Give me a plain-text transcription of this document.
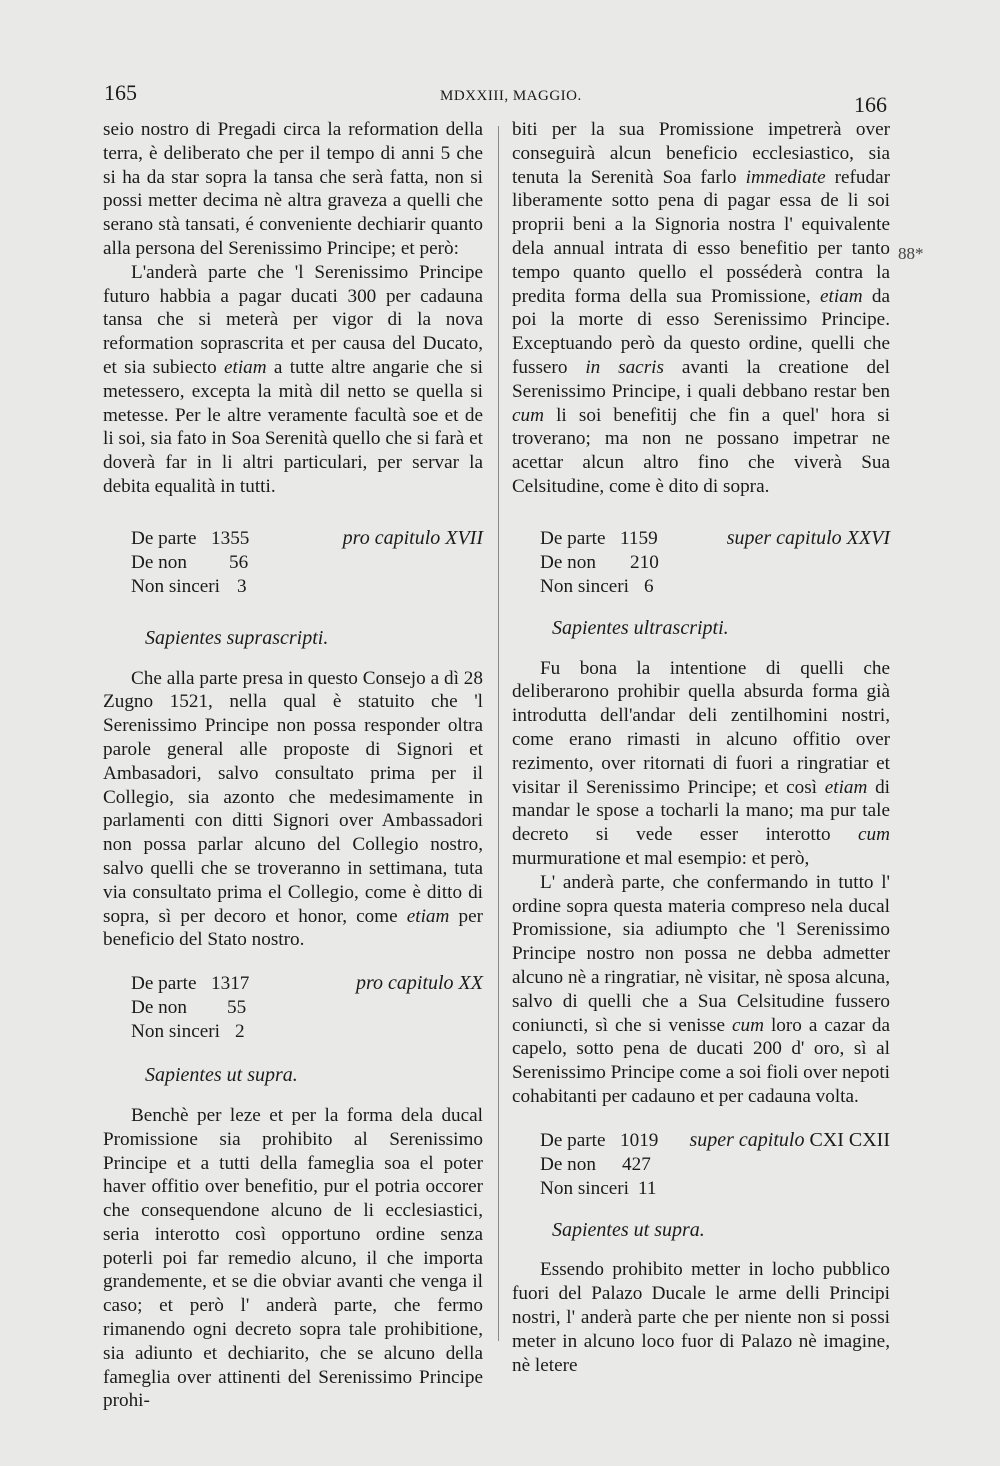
165	MDXXIII, MAGGIO.	166
88*

seio nostro di Pregadi circa la reformation della terra, è deliberato che per il tempo di anni 5 che si ha da star sopra la tansa che serà fatta, non si possi metter decima nè altra graveza a quelli che serano stà tansati, é conveniente dechiarir quanto alla persona del Serenissimo Principe; et però:

L'anderà parte che 'l Serenissimo Principe futuro habbia a pagar ducati 300 per cadauna tansa che si meterà per vigor di la nova reformation soprascrita et per causa del Ducato, et sia subiecto etiam a tutte altre angarie che si metessero, excepta la mità dil netto se quella si metesse. Per le altre veramente facultà soe et de li soi, sia fato in Soa Serenità quello che si farà et doverà far in li altri particulari, per servar la debita equalità in tutti.

De parte 1355	pro capitulo XVII
De non 56
Non sinceri 3
Sapientes suprascripti.

Che alla parte presa in questo Consejo a dì 28 Zugno 1521, nella qual è statuito che 'l Serenissimo Principe non possa responder oltra parole general alle proposte di Signori et Ambasadori, salvo consultato prima per il Collegio, sia azonto che medesimamente in parlamenti con ditti Signori over Ambassadori non possa parlar alcuno del Collegio nostro, salvo quelli che se troveranno in settimana, tuta via consultato prima el Collegio, come è ditto di sopra, sì per decoro et honor, come etiam per beneficio del Stato nostro.

De parte 1317	pro capitulo XX
De non 55
Non sinceri 2
Sapientes ut supra.

Benchè per leze et per la forma dela ducal Promissione sia prohibito al Serenissimo Principe et a tutti della fameglia soa el poter haver offitio over benefitio, pur el potria occorer che consequendone alcuno de li ecclesiastici, seria interotto così opportuno ordine senza poterli poi far remedio alcuno, il che importa grandemente, et se die obviar avanti che venga il caso; et però l' anderà parte, che fermo rimanendo ogni decreto sopra tale prohibitione, sia adiunto et dechiarito, che se alcuno della fameglia over attinenti del Serenissimo Principe prohi-

biti per la sua Promissione impetrerà over conseguirà alcun beneficio ecclesiastico, sia tenuta la Serenità Soa farlo immediate refudar liberamente sotto pena di pagar essa de li soi proprii beni a la Signoria nostra l' equivalente dela annual intrata di esso benefitio per tanto tempo quanto quello el posséderà contra la predita forma della sua Promissione, etiam da poi la morte di esso Serenissimo Principe. Exceptuando però da questo ordine, quelli che fussero in sacris avanti la creatione del Serenissimo Principe, i quali debbano restar ben cum li soi benefitij che fin a quel' hora si troverano; ma non ne possano impetrar ne acettar alcun altro fino che viverà Sua Celsitudine, come è dito di sopra.

De parte 1159	super capitulo XXVI
De non 210
Non sinceri 6
Sapientes ultrascripti.

Fu bona la intentione di quelli che deliberarono prohibir quella absurda forma già introdutta dell'andar deli zentilhomini nostri, come erano rimasti in alcuno offitio over rezimento, over ritornati di fuori a ringratiar et visitar il Serenissimo Principe; et così etiam di mandar le spose a tocharli la mano; ma pur tale decreto si vede esser interotto cum murmuratione et mal esempio: et però,

L' anderà parte, che confermando in tutto l' ordine sopra questa materia compreso nela ducal Promissione, sia adiumpto che 'l Serenissimo Principe nostro non possa ne debba admetter alcuno nè a ringratiar, nè visitar, nè sposa alcuna, salvo di quelli che a Sua Celsitudine fussero coniuncti, sì che si venisse cum loro a cazar da capelo, sotto pena de ducati 200 d' oro, sì al Serenissimo Principe come a soi fioli over nepoti cohabitanti per cadauno et per cadauna volta.

De parte 1019 super capitulo CXI CXII
De non 427
Non sinceri 11
Sapientes ut supra.

Essendo prohibito metter in locho pubblico fuori del Palazo Ducale le arme delli Principi nostri, l' anderà parte che per niente non si possi meter in alcuno loco fuor di Palazo nè imagine, nè letere
